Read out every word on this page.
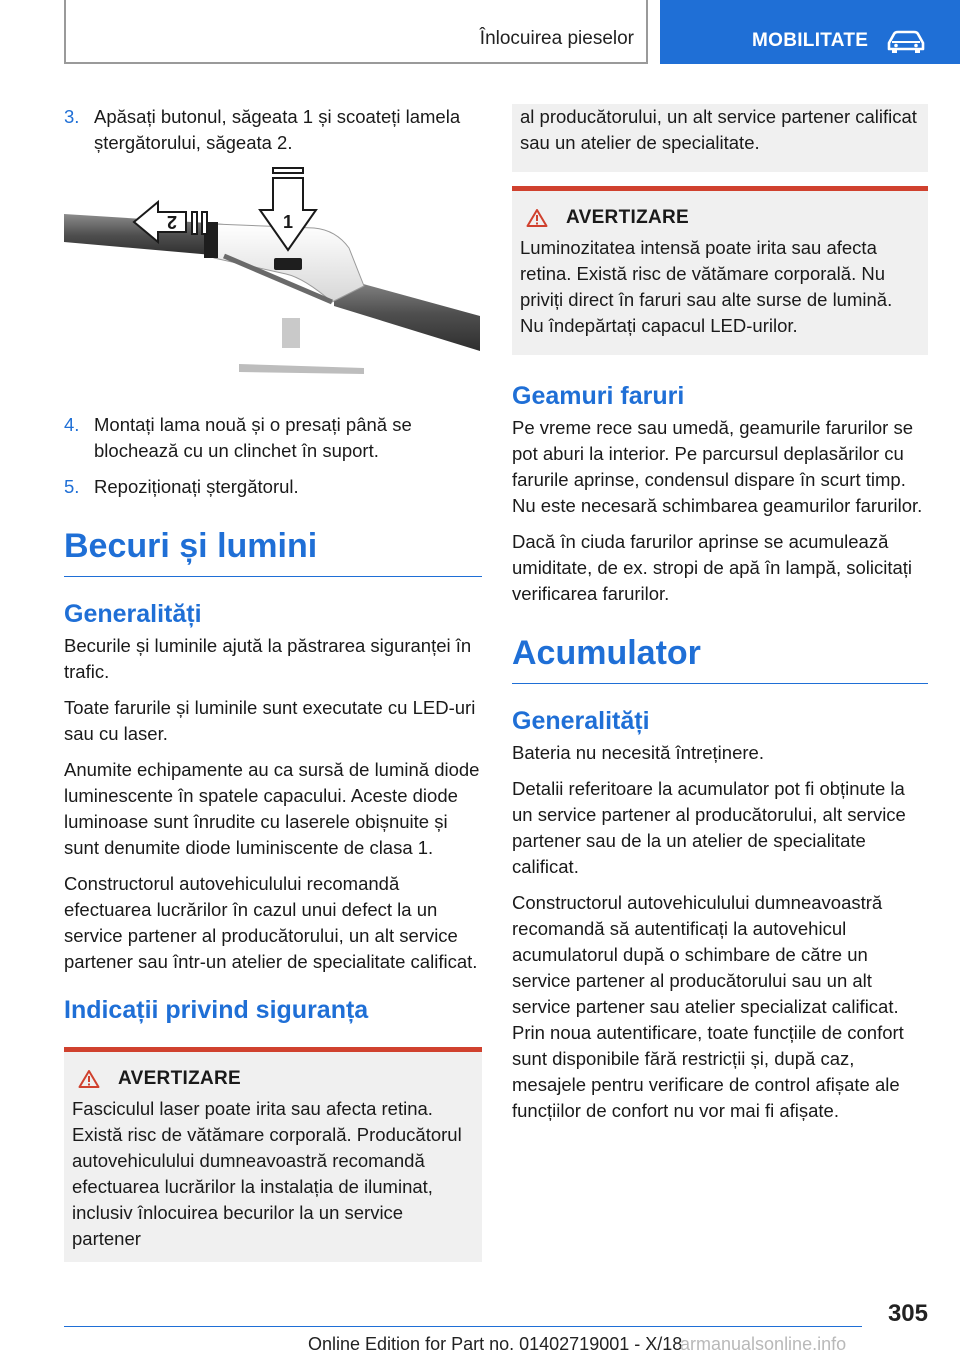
Înlocuirea pieselor	MOBILITATE
3. Apăsați butonul, săgeata 1 și scoateți lamela ștergătorului, săgeata 2.
1
2
4. Montați lama nouă și o presați până se blochează cu un clinchet în suport.
5. Repoziționați ștergătorul.
Becuri și lumini
Generalități

Becurile și luminile ajută la păstrarea siguranței în trafic.

Toate farurile și luminile sunt executate cu LED-uri sau cu laser.

Anumite echipamente au ca sursă de lumină diode luminescente în spatele capacului. Aceste diode luminoase sunt înrudite cu laserele obișnuite și sunt denumite diode luminiscente de clasa 1.

Constructorul autovehiculului recomandă efectuarea lucrărilor în cazul unui defect la un service partener al producătorului, un alt service partener sau într-un atelier de specialitate calificat.

Indicații privind siguranța
AVERTIZARE

Fasciculul laser poate irita sau afecta retina. Există risc de vătămare corporală. Producătorul autovehiculului dumneavoastră recomandă efectuarea lucrărilor la instalația de iluminat, inclusiv înlocuirea becurilor la un service partener

al producătorului, un alt service partener calificat sau un atelier de specialitate.

AVERTIZARE

Luminozitatea intensă poate irita sau afecta retina. Există risc de vătămare corporală. Nu priviți direct în faruri sau alte surse de lumină. Nu îndepărtați capacul LED-urilor.

Geamuri faruri

Pe vreme rece sau umedă, geamurile farurilor se pot aburi la interior. Pe parcursul deplasărilor cu farurile aprinse, condensul dispare în scurt timp. Nu este necesară schimbarea geamurilor farurilor.

Dacă în ciuda farurilor aprinse se acumulează umiditate, de ex. stropi de apă în lampă, solicitați verificarea farurilor.

Acumulator
Generalități

Bateria nu necesită întreținere.

Detalii referitoare la acumulator pot fi obținute la un service partener al producătorului, alt service partener sau de la un atelier de specialitate calificat.

Constructorul autovehiculului dumneavoastră recomandă să autentificați la autovehicul acumulatorul după o schimbare de către un service partener al producătorului sau un alt service partener sau atelier specializat calificat. Prin noua autentificare, toate funcțiile de confort sunt disponibile fără restricții și, după caz, mesajele pentru verificare de control afișate ale funcțiilor de confort nu vor mai fi afișate.

305
Online Edition for Part no. 01402719001 - X/18
armanualsonline.info
